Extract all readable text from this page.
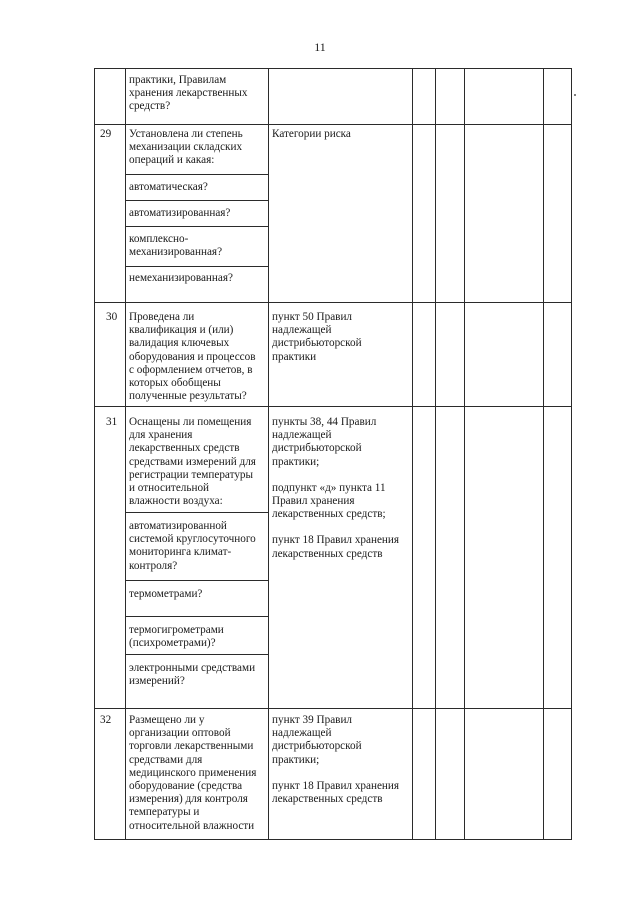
11
практики, Правилам
хранения лекарственных
средств?
29 Установлена ли степень
механизации складских
операций и какая:
Категории риска
автоматическая?
автоматизированная?
комплексно-
механизированная?
немеханизированная?
30 Проведена ли
квалификация и (или)
валидация ключевых
оборудования и процессов
с оформлением отчетов, в
которых обобщены
полученные результаты?
пункт 50 Правил
надлежащей
дистрибьюторской
практики
31 Оснащены ли помещения
для хранения
лекарственных средств
средствами измерений для
регистрации температуры
и относительной
влажности воздуха:
пункты 38, 44 Правил
надлежащей
дистрибьюторской
практики;
подпункт «д» пункта 11
Правил хранения
лекарственных средств;
пункт 18 Правил хранения
лекарственных средств
автоматизированной
системой круглосуточного
мониторинга климат-
контроля?
термометрами?
термогигрометрами
(психрометрами)?
электронными средствами
измерений?
32 Размещено ли у
организации оптовой
торговли лекарственными
средствами для
медицинского применения
оборудование (средства
измерения) для контроля
температуры и
относительной влажности
пункт 39 Правил
надлежащей
дистрибьюторской
практики;
пункт 18 Правил хранения
лекарственных средств
